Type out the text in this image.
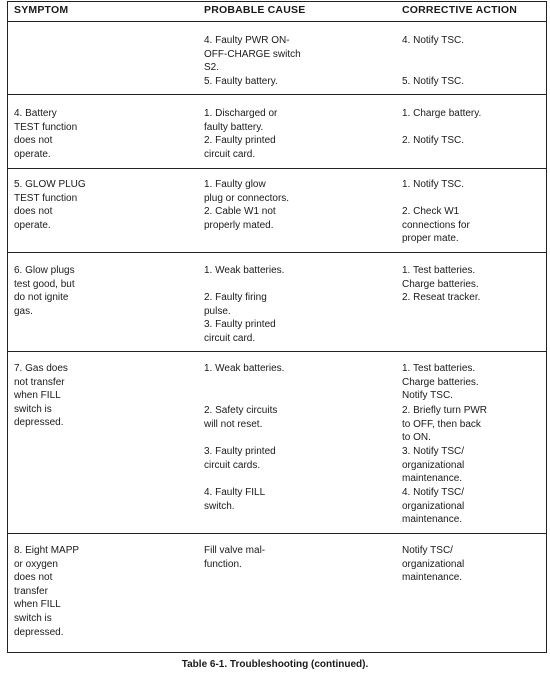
SYMPTOM	PROBABLE CAUSE	CORRECTIVE ACTION
4. Faulty PWR ON-
OFF-CHARGE switch
S2.
5. Faulty battery.
4. Notify TSC.
5. Notify TSC.
4. Battery
TEST function
does not
operate.
1. Discharged or
faulty battery.
2. Faulty printed
circuit card.
1. Charge battery.
2. Notify TSC.
5. GLOW PLUG
TEST function
does not
operate.
1. Faulty glow
plug or connectors.
2. Cable W1 not
properly mated.
1. Notify TSC.
2. Check W1
connections for
proper mate.
6. Glow plugs
test good, but
do not ignite
gas.
1. Weak batteries.
2. Faulty firing
pulse.
3. Faulty printed
circuit card.
1. Test batteries.
Charge batteries.
2. Reseat tracker.
7. Gas does
not transfer
when FILL
switch is
depressed.
1. Weak batteries.
2. Safety circuits
will not reset.
3. Faulty printed
circuit cards.
4. Faulty FILL
switch.
1. Test batteries.
Charge batteries.
Notify TSC.
2. Briefly turn PWR
to OFF, then back
to ON.
3. Notify TSC/
organizational
maintenance.
4. Notify TSC/
organizational
maintenance.
8. Eight MAPP
or oxygen
does not
transfer
when FILL
switch is
depressed.
Fill valve mal-
function.
Notify TSC/
organizational
maintenance.
Table 6-1. Troubleshooting (continued).
